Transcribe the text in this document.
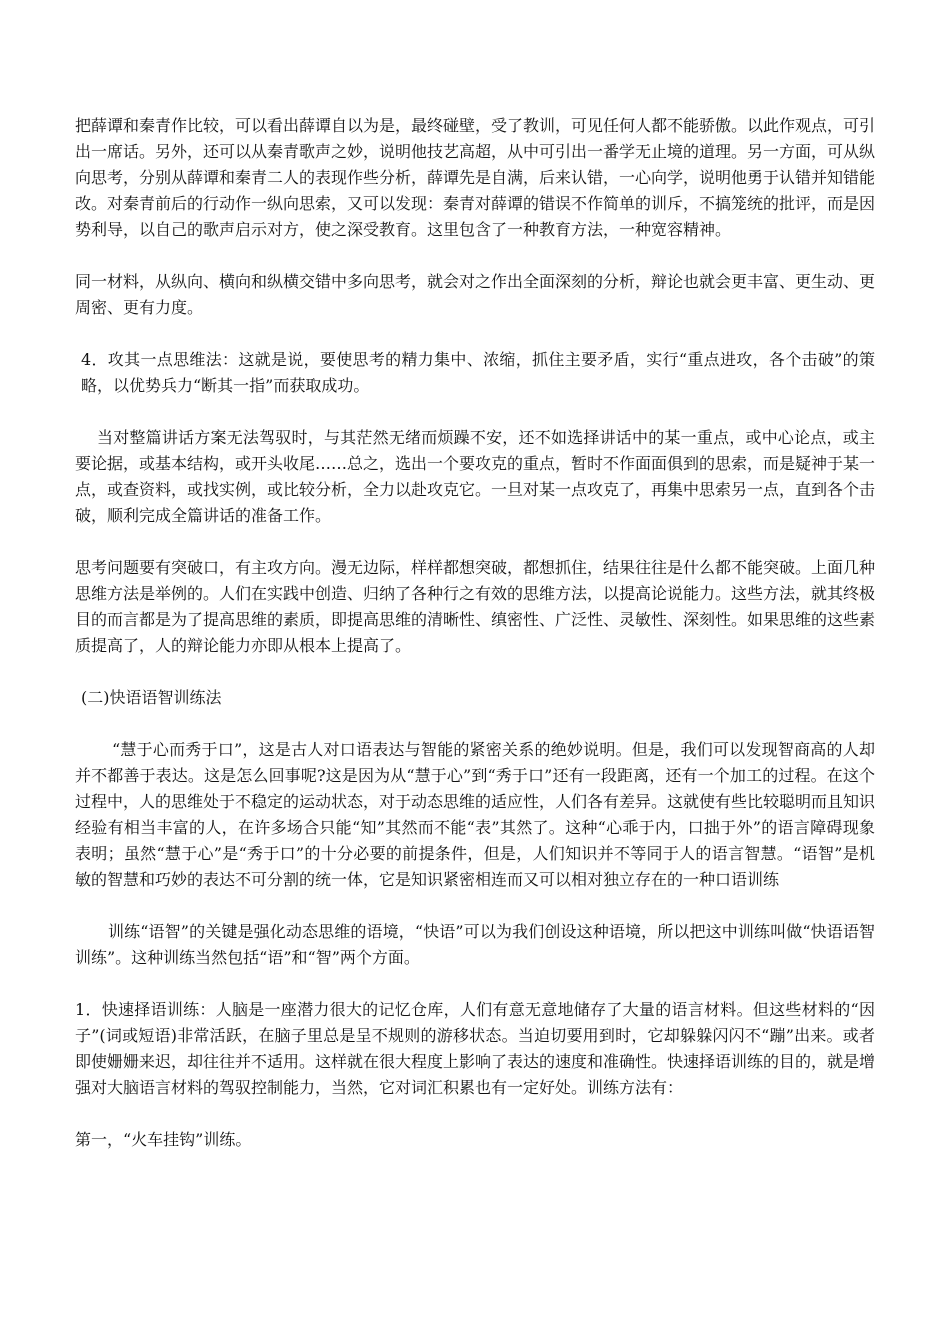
把薛谭和秦青作比较，可以看出薛谭自以为是，最终碰壁，受了教训，可见任何人都不能骄傲。以此作观点，可引出一席话。另外，还可以从秦青歌声之妙，说明他技艺高超，从中可引出一番学无止境的道理。另一方面，可从纵向思考，分别从薛谭和秦青二人的表现作些分析，薛谭先是自满，后来认错，一心向学，说明他勇于认错并知错能改。对秦青前后的行动作一纵向思索，又可以发现：秦青对薛谭的错误不作简单的训斥，不搞笼统的批评，而是因势利导，以自己的歌声启示对方，使之深受教育。这里包含了一种教育方法，一种宽容精神。

同一材料，从纵向、横向和纵横交错中多向思考，就会对之作出全面深刻的分析，辩论也就会更丰富、更生动、更周密、更有力度。

4．攻其一点思维法：这就是说，要使思考的精力集中、浓缩，抓住主要矛盾，实行“重点进攻，各个击破”的策略，以优势兵力“断其一指”而获取成功。

当对整篇讲话方案无法驾驭时，与其茫然无绪而烦躁不安，还不如选择讲话中的某一重点，或中心论点，或主要论据，或基本结构，或开头收尾……总之，选出一个要攻克的重点，暂时不作面面俱到的思索，而是疑神于某一点，或查资料，或找实例，或比较分析，全力以赴攻克它。一旦对某一点攻克了，再集中思索另一点，直到各个击破，顺利完成全篇讲话的准备工作。

思考问题要有突破口，有主攻方向。漫无边际，样样都想突破，都想抓住，结果往往是什么都不能突破。上面几种思维方法是举例的。人们在实践中创造、归纳了各种行之有效的思维方法，以提高论说能力。这些方法，就其终极目的而言都是为了提高思维的素质，即提高思维的清晰性、缜密性、广泛性、灵敏性、深刻性。如果思维的这些素质提高了，人的辩论能力亦即从根本上提高了。

(二)快语语智训练法

“慧于心而秀于口”，这是古人对口语表达与智能的紧密关系的绝妙说明。但是，我们可以发现智商高的人却并不都善于表达。这是怎么回事呢?这是因为从“慧于心”到“秀于口”还有一段距离，还有一个加工的过程。在这个过程中，人的思维处于不稳定的运动状态，对于动态思维的适应性，人们各有差异。这就使有些比较聪明而且知识经验有相当丰富的人，在许多场合只能“知”其然而不能“表”其然了。这种“心乖于内，口拙于外”的语言障碍现象表明；虽然“慧于心”是“秀于口”的十分必要的前提条件，但是，人们知识并不等同于人的语言智慧。“语智”是机敏的智慧和巧妙的表达不可分割的统一体，它是知识紧密相连而又可以相对独立存在的一种口语训练

训练“语智”的关键是强化动态思维的语境，“快语”可以为我们创设这种语境，所以把这中训练叫做“快语语智训练”。这种训练当然包括“语”和“智”两个方面。

1．快速择语训练：人脑是一座潜力很大的记忆仓库，人们有意无意地储存了大量的语言材料。但这些材料的“因子”(词或短语)非常活跃，在脑子里总是呈不规则的游移状态。当迫切要用到时，它却躲躲闪闪不“蹦”出来。或者即使姗姗来迟，却往往并不适用。这样就在很大程度上影响了表达的速度和准确性。快速择语训练的目的，就是增强对大脑语言材料的驾驭控制能力，当然，它对词汇积累也有一定好处。训练方法有：

第一，“火车挂钩”训练。
